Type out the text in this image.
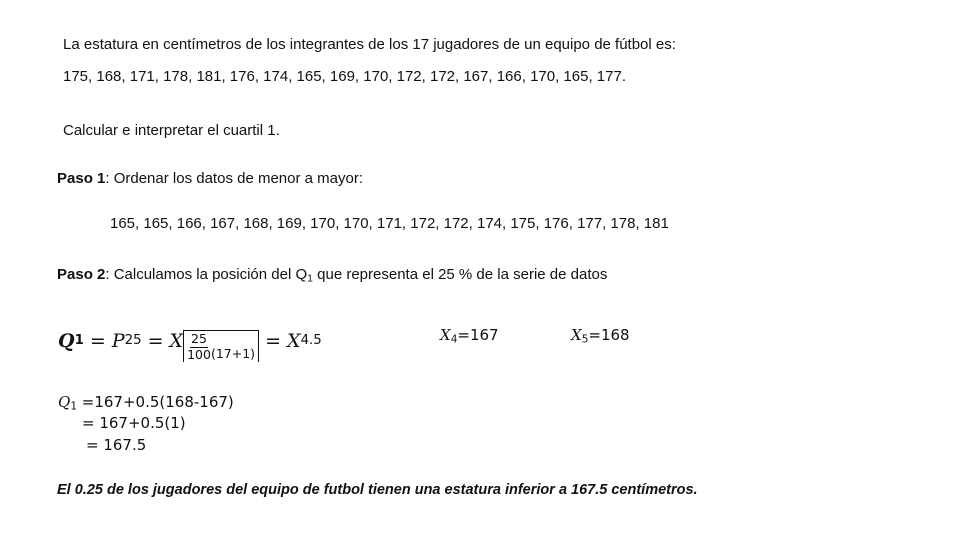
La estatura en centímetros de los integrantes de los 17 jugadores de un equipo de fútbol es:
175, 168, 171, 178, 181, 176, 174, 165, 169, 170, 172, 172, 167, 166, 170, 165, 177.
Calcular e interpretar el cuartil 1.
Paso 1: Ordenar los datos de menor a mayor:
165, 165, 166, 167, 168, 169, 170, 170, 171, 172, 172, 174, 175, 176, 177, 178, 181
Paso 2: Calculamos la posición del $Q_1$ que representa el 25 % de la serie de datos
Q 1 = P 25 = X $\frac{25}{100} (17+1)$
= X 4.5	$X_4=167$	$X_5=168$
$Q_1 =167+0.5(168-167)$
= 167+0.5(1)
= 167.5
El 0.25 de los jugadores del equipo de futbol tienen una estatura inferior a 167.5 centímetros.
